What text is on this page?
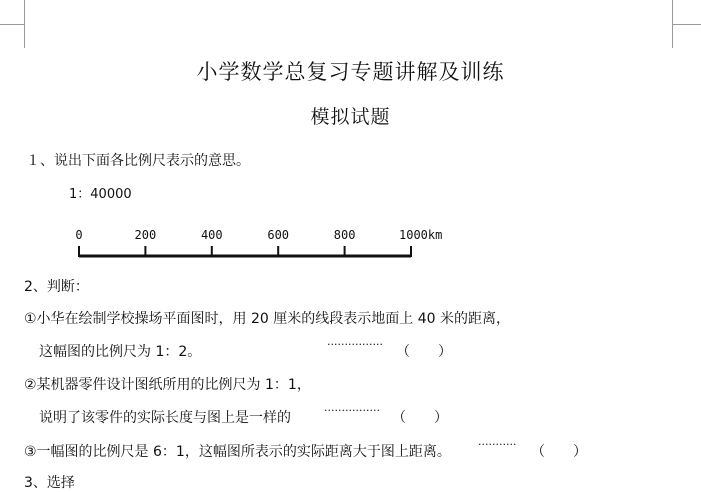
小学数学总复习专题讲解及训练
模拟试题
１、说出下面各比例尺表示的意思。
1：40000
0	200	400	600	800	1000km
2、判断：
①小华在绘制学校操场平面图时，用 20 厘米的线段表示地面上 40 米的距离，
这幅图的比例尺为 1：2。	················ （　　）
②某机器零件设计图纸所用的比例尺为 1：1，
说明了该零件的实际长度与图上是一样的	················ （　　）
③一幅图的比例尺是 6：1，这幅图所表示的实际距离大于图上距离。 ··········· （　　）
3、选择
